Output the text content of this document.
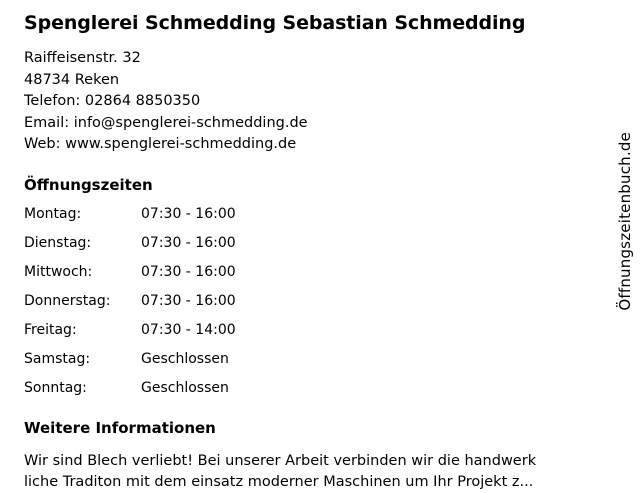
Spenglerei Schmedding Sebastian Schmedding
Raiffeisenstr. 32
48734 Reken
Telefon: 02864 8850350
Email: info@spenglerei-schmedding.de
Web: www.spenglerei-schmedding.de
Öffnungszeiten
Montag:	07:30 - 16:00
Dienstag:	07:30 - 16:00
Mittwoch:	07:30 - 16:00
Donnerstag:	07:30 - 16:00
Freitag:	07:30 - 14:00
Samstag:	Geschlossen
Sonntag:	Geschlossen
Weitere Informationen
Wir sind Blech verliebt! Bei unserer Arbeit verbinden wir die handwerk
liche Traditon mit dem einsatz moderner Maschinen um Ihr Projekt z...
Öffnungszeitenbuch.de
